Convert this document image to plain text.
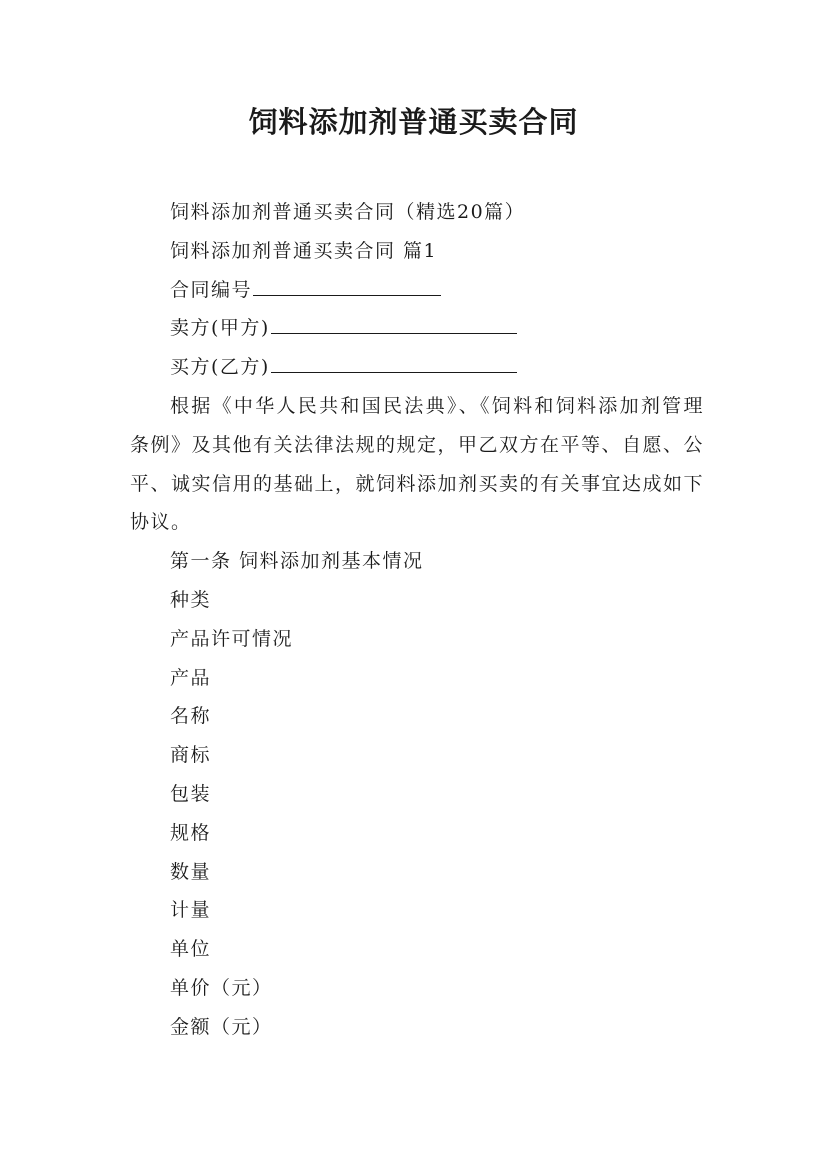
饲料添加剂普通买卖合同
饲料添加剂普通买卖合同（精选20篇）
饲料添加剂普通买卖合同 篇1
合同编号
卖方(甲方)
买方(乙方)

根据《中华人民共和国民法典》、《饲料和饲料添加剂管理条例》及其他有关法律法规的规定，甲乙双方在平等、自愿、公平、诚实信用的基础上，就饲料添加剂买卖的有关事宜达成如下协议。

第一条 饲料添加剂基本情况
种类
产品许可情况
产品
名称
商标
包装
规格
数量
计量
单位
单价（元）
金额（元）
